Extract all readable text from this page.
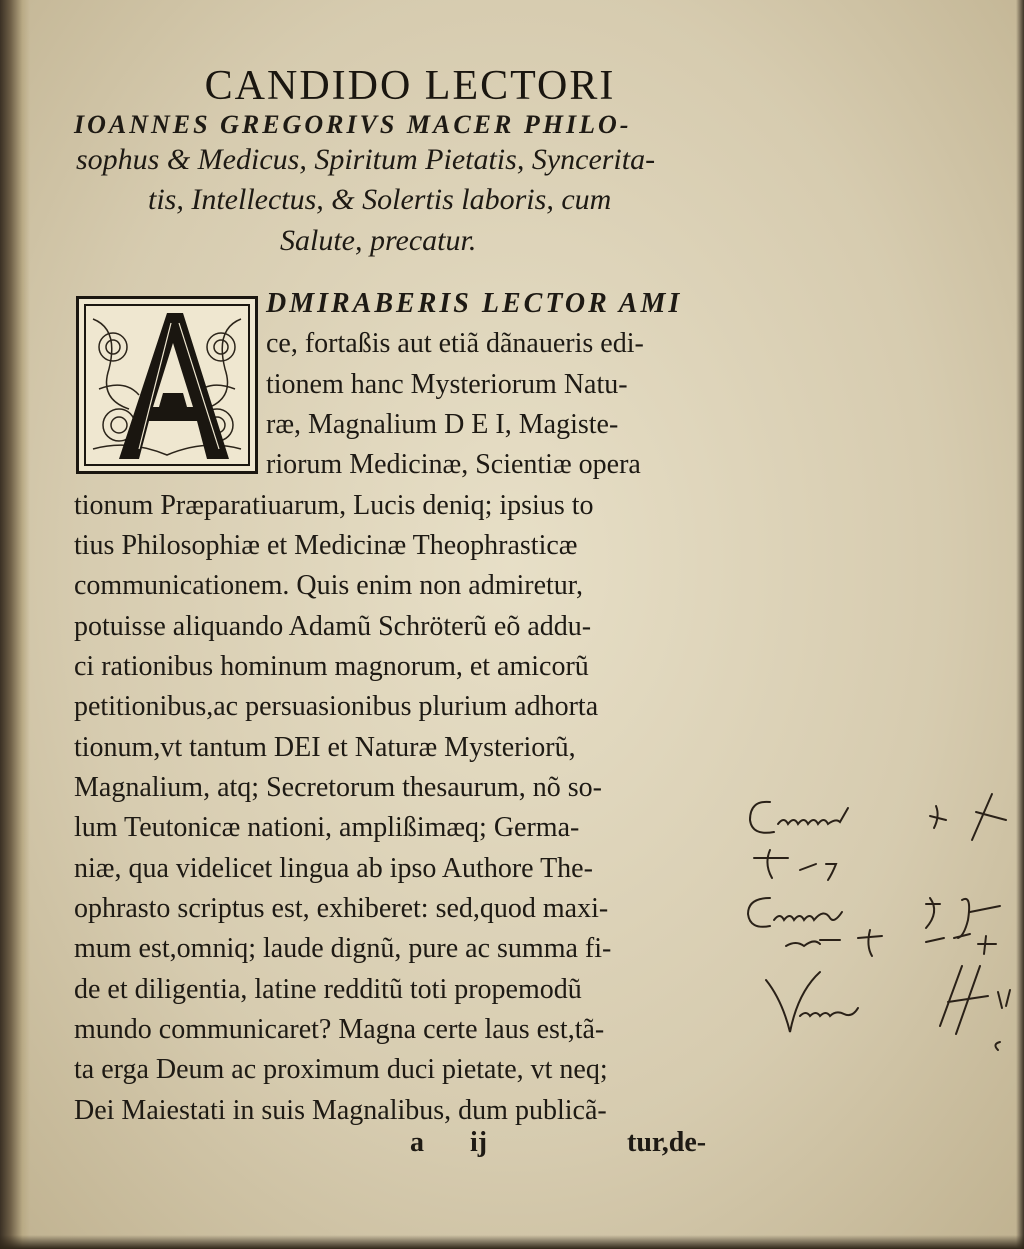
CANDIDO LECTORI
IOANNES GREGORIVS MACER PHILO-
sophus & Medicus, Spiritum Pietatis, Syncerita-
tis, Intellectus, & Solertis laboris, cum
Salute, precatur.
DMIRABERIS LECTOR AMI
ce, fortaßis aut etiã dãnaueris edi-
tionem hanc Mysteriorum Natu-
ræ, Magnalium D E I, Magiste-
riorum Medicinæ, Scientiæ opera
tionum Præparatiuarum, Lucis deniq; ipsius to
tius Philosophiæ et Medicinæ Theophrasticæ
communicationem. Quis enim non admiretur,
potuisse aliquando Adamũ Schröterũ eõ addu-
ci rationibus hominum magnorum, et amicorũ
petitionibus,ac persuasionibus plurium adhorta
tionum,vt tantum DEI et Naturæ Mysteriorũ,
Magnalium, atq; Secretorum thesaurum, nõ so-
lum Teutonicæ nationi, amplißimæq; Germa-
niæ, qua videlicet lingua ab ipso Authore The-
ophrasto scriptus est, exhiberet: sed,quod maxi-
mum est,omniq; laude dignũ, pure ac summa fi-
de et diligentia, latine redditũ toti propemodũ
mundo communicaret? Magna certe laus est,tã-
ta erga Deum ac proximum duci pietate, vt neq;
Dei Maiestati in suis Magnalibus, dum publicã-
a ij	tur,de-
